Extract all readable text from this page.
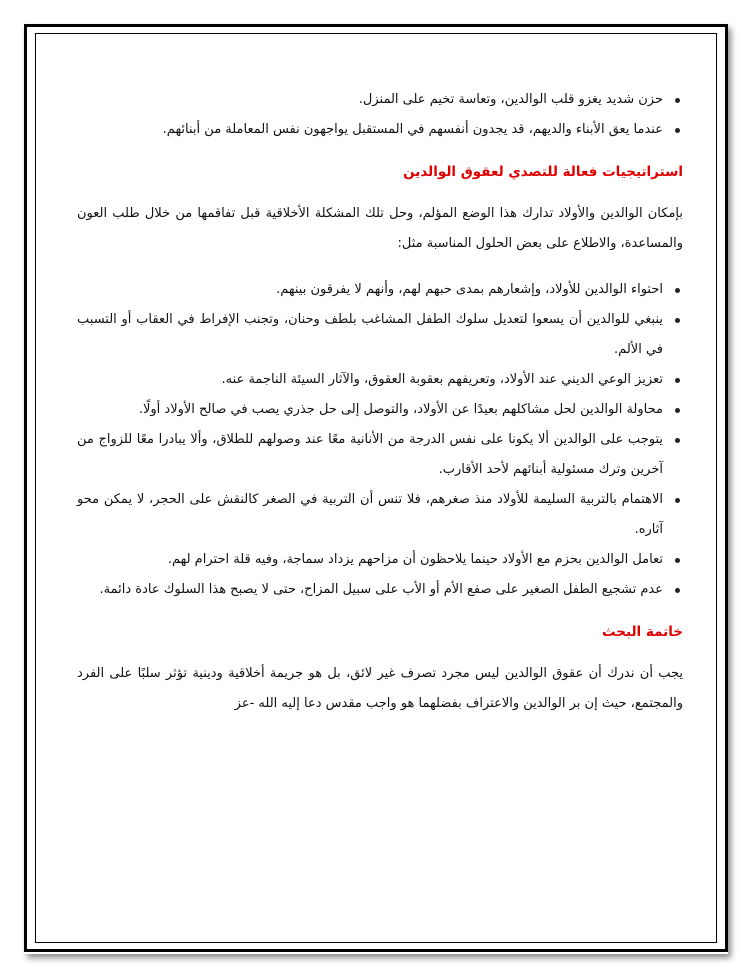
حزن شديد يغزو قلب الوالدين، وتعاسة تخيم على المنزل.
عندما يعق الأبناء والديهم، قد يجدون أنفسهم في المستقبل يواجهون نفس المعاملة من أبنائهم.
استراتيجيات فعالة للتصدي لعقوق الوالدين
بإمكان الوالدين والأولاد تدارك هذا الوضع المؤلم، وحل تلك المشكلة الأخلاقية قبل تفاقمها من خلال طلب العون والمساعدة، والاطلاع على بعض الحلول المناسبة مثل:
احتواء الوالدين للأولاد، وإشعارهم بمدى حبهم لهم، وأنهم لا يفرقون بينهم.
ينبغي للوالدين أن يسعوا لتعديل سلوك الطفل المشاغب بلطف وحنان، وتجنب الإفراط في العقاب أو التسبب في الألم.
تعزيز الوعي الديني عند الأولاد، وتعريفهم بعقوبة العقوق، والآثار السيئة الناجمة عنه.
محاولة الوالدين لحل مشاكلهم بعيدًا عن الأولاد، والتوصل إلى حل جذري يصب في صالح الأولاد أولًا.
يتوجب على الوالدين ألا يكونا على نفس الدرجة من الأنانية معًا عند وصولهم للطلاق، وألا يبادرا معًا للزواج من آخرين وترك مسئولية أبنائهم لأحد الأقارب.
الاهتمام بالتربية السليمة للأولاد منذ صغرهم، فلا تنس أن التربية في الصغر كالنقش على الحجر، لا يمكن محو آثاره.
تعامل الوالدين بحزم مع الأولاد حينما يلاحظون أن مزاحهم يزداد سماجة، وفيه قلة احترام لهم.
عدم تشجيع الطفل الصغير على صفع الأم أو الأب على سبيل المزاح، حتى لا يصبح هذا السلوك عادة دائمة.
خاتمة البحث
يجب أن ندرك أن عقوق الوالدين ليس مجرد تصرف غير لائق، بل هو جريمة أخلاقية ودينية تؤثر سلبًا على الفرد والمجتمع، حيث إن بر الوالدين والاعتراف بفضلهما هو واجب مقدس دعا إليه الله -عز
